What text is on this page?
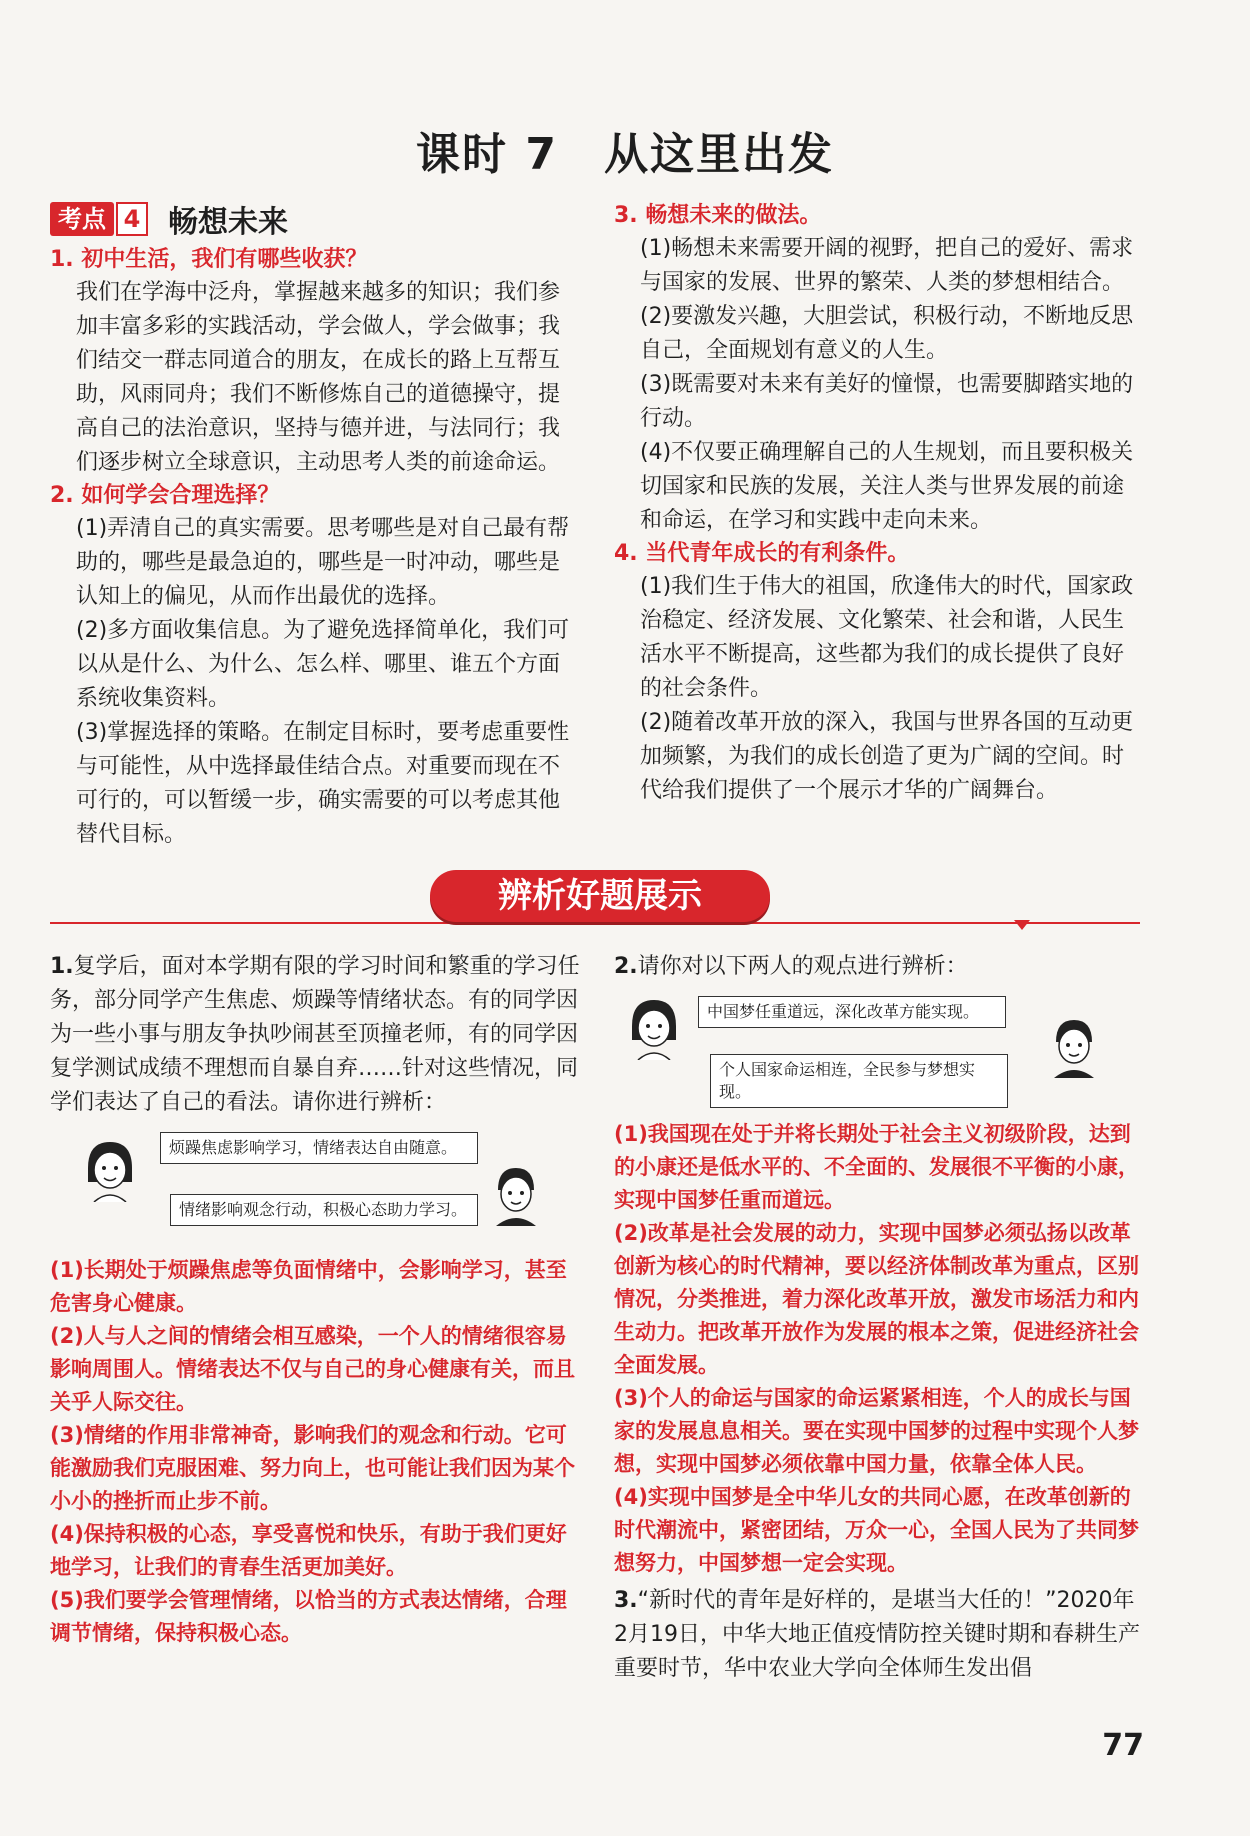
课时 7　从这里出发
考点 4 畅想未来
1. 初中生活，我们有哪些收获？
我们在学海中泛舟，掌握越来越多的知识；我们参加丰富多彩的实践活动，学会做人，学会做事；我们结交一群志同道合的朋友，在成长的路上互帮互助，风雨同舟；我们不断修炼自己的道德操守，提高自己的法治意识，坚持与德并进，与法同行；我们逐步树立全球意识，主动思考人类的前途命运。
2. 如何学会合理选择？
(1)弄清自己的真实需要。思考哪些是对自己最有帮助的，哪些是最急迫的，哪些是一时冲动，哪些是认知上的偏见，从而作出最优的选择。
(2)多方面收集信息。为了避免选择简单化，我们可以从是什么、为什么、怎么样、哪里、谁五个方面系统收集资料。
(3)掌握选择的策略。在制定目标时，要考虑重要性与可能性，从中选择最佳结合点。对重要而现在不可行的，可以暂缓一步，确实需要的可以考虑其他替代目标。
3. 畅想未来的做法。
(1)畅想未来需要开阔的视野，把自己的爱好、需求与国家的发展、世界的繁荣、人类的梦想相结合。
(2)要激发兴趣，大胆尝试，积极行动，不断地反思自己，全面规划有意义的人生。
(3)既需要对未来有美好的憧憬，也需要脚踏实地的行动。
(4)不仅要正确理解自己的人生规划，而且要积极关切国家和民族的发展，关注人类与世界发展的前途和命运，在学习和实践中走向未来。
4. 当代青年成长的有利条件。
(1)我们生于伟大的祖国，欣逢伟大的时代，国家政治稳定、经济发展、文化繁荣、社会和谐，人民生活水平不断提高，这些都为我们的成长提供了良好的社会条件。
(2)随着改革开放的深入，我国与世界各国的互动更加频繁，为我们的成长创造了更为广阔的空间。时代给我们提供了一个展示才华的广阔舞台。
辨析好题展示
1.复学后，面对本学期有限的学习时间和繁重的学习任务，部分同学产生焦虑、烦躁等情绪状态。有的同学因为一些小事与朋友争执吵闹甚至顶撞老师，有的同学因复学测试成绩不理想而自暴自弃……针对这些情况，同学们表达了自己的看法。请你进行辨析：
烦躁焦虑影响学习，情绪表达自由随意。
情绪影响观念行动，积极心态助力学习。
(1)长期处于烦躁焦虑等负面情绪中，会影响学习，甚至危害身心健康。
(2)人与人之间的情绪会相互感染，一个人的情绪很容易影响周围人。情绪表达不仅与自己的身心健康有关，而且关乎人际交往。
(3)情绪的作用非常神奇，影响我们的观念和行动。它可能激励我们克服困难、努力向上，也可能让我们因为某个小小的挫折而止步不前。
(4)保持积极的心态，享受喜悦和快乐，有助于我们更好地学习，让我们的青春生活更加美好。
(5)我们要学会管理情绪，以恰当的方式表达情绪，合理调节情绪，保持积极心态。
2.请你对以下两人的观点进行辨析：
中国梦任重道远，深化改革方能实现。
个人国家命运相连，全民参与梦想实现。
(1)我国现在处于并将长期处于社会主义初级阶段，达到的小康还是低水平的、不全面的、发展很不平衡的小康，实现中国梦任重而道远。
(2)改革是社会发展的动力，实现中国梦必须弘扬以改革创新为核心的时代精神，要以经济体制改革为重点，区别情况，分类推进，着力深化改革开放，激发市场活力和内生动力。把改革开放作为发展的根本之策，促进经济社会全面发展。
(3)个人的命运与国家的命运紧紧相连，个人的成长与国家的发展息息相关。要在实现中国梦的过程中实现个人梦想，实现中国梦必须依靠中国力量，依靠全体人民。
(4)实现中国梦是全中华儿女的共同心愿，在改革创新的时代潮流中，紧密团结，万众一心，全国人民为了共同梦想努力，中国梦想一定会实现。
3.“新时代的青年是好样的，是堪当大任的！”2020年2月19日，中华大地正值疫情防控关键时期和春耕生产重要时节，华中农业大学向全体师生发出倡
77
